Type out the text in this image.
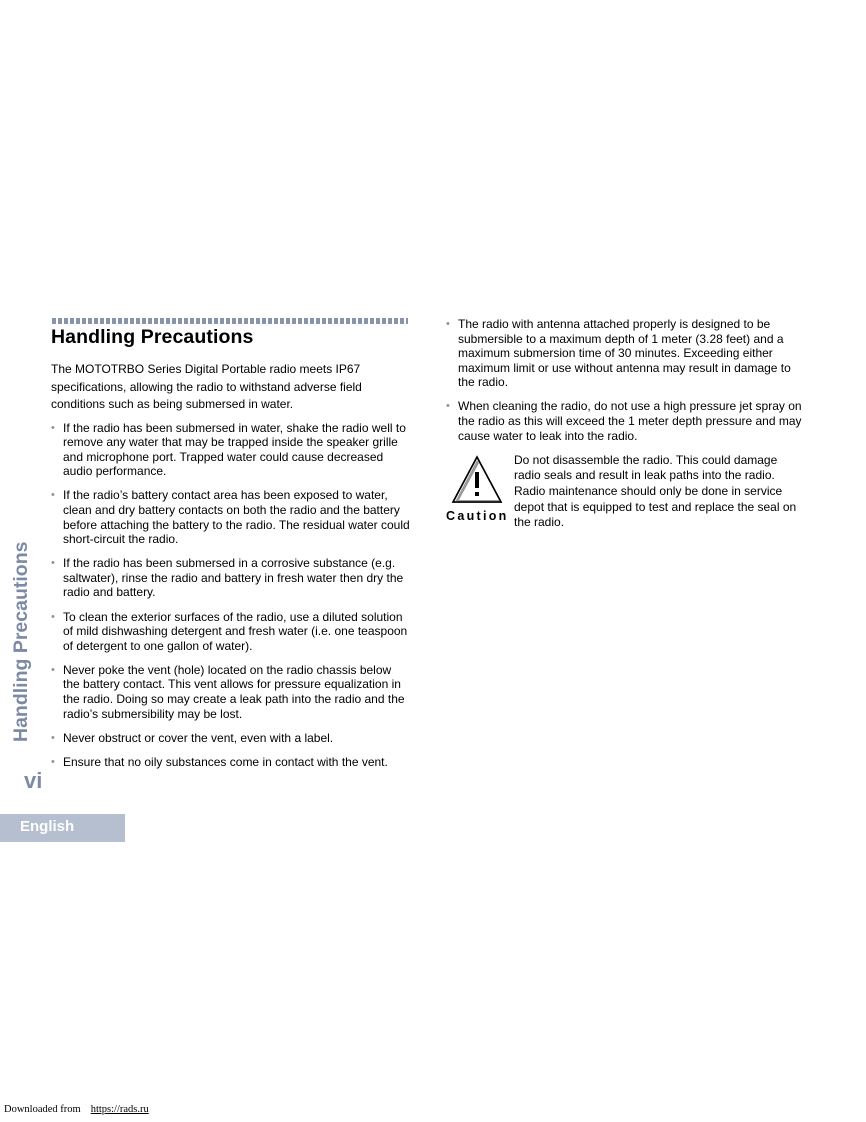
Handling Precautions

The MOTOTRBO Series Digital Portable radio meets IP67 specifications, allowing the radio to withstand adverse field conditions such as being submersed in water.

• If the radio has been submersed in water, shake the radio well to remove any water that may be trapped inside the speaker grille and microphone port. Trapped water could cause decreased audio performance.
• If the radio’s battery contact area has been exposed to water, clean and dry battery contacts on both the radio and the battery before attaching the battery to the radio. The residual water could short-circuit the radio.
• If the radio has been submersed in a corrosive substance (e.g. saltwater), rinse the radio and battery in fresh water then dry the radio and battery.
• To clean the exterior surfaces of the radio, use a diluted solution of mild dishwashing detergent and fresh water (i.e. one teaspoon of detergent to one gallon of water).
• Never poke the vent (hole) located on the radio chassis below the battery contact. This vent allows for pressure equalization in the radio. Doing so may create a leak path into the radio and the radio’s submersibility may be lost.
• Never obstruct or cover the vent, even with a label.
• Ensure that no oily substances come in contact with the vent.
• The radio with antenna attached properly is designed to be submersible to a maximum depth of 1 meter (3.28 feet) and a maximum submersion time of 30 minutes. Exceeding either maximum limit or use without antenna may result in damage to the radio.
• When cleaning the radio, do not use a high pressure jet spray on the radio as this will exceed the 1 meter depth pressure and may cause water to leak into the radio.
Caution
Do not disassemble the radio. This could damage radio seals and result in leak paths into the radio. Radio maintenance should only be done in service depot that is equipped to test and replace the seal on the radio.
Handling Precautions
vi
English
Downloaded from https://rads.ru
